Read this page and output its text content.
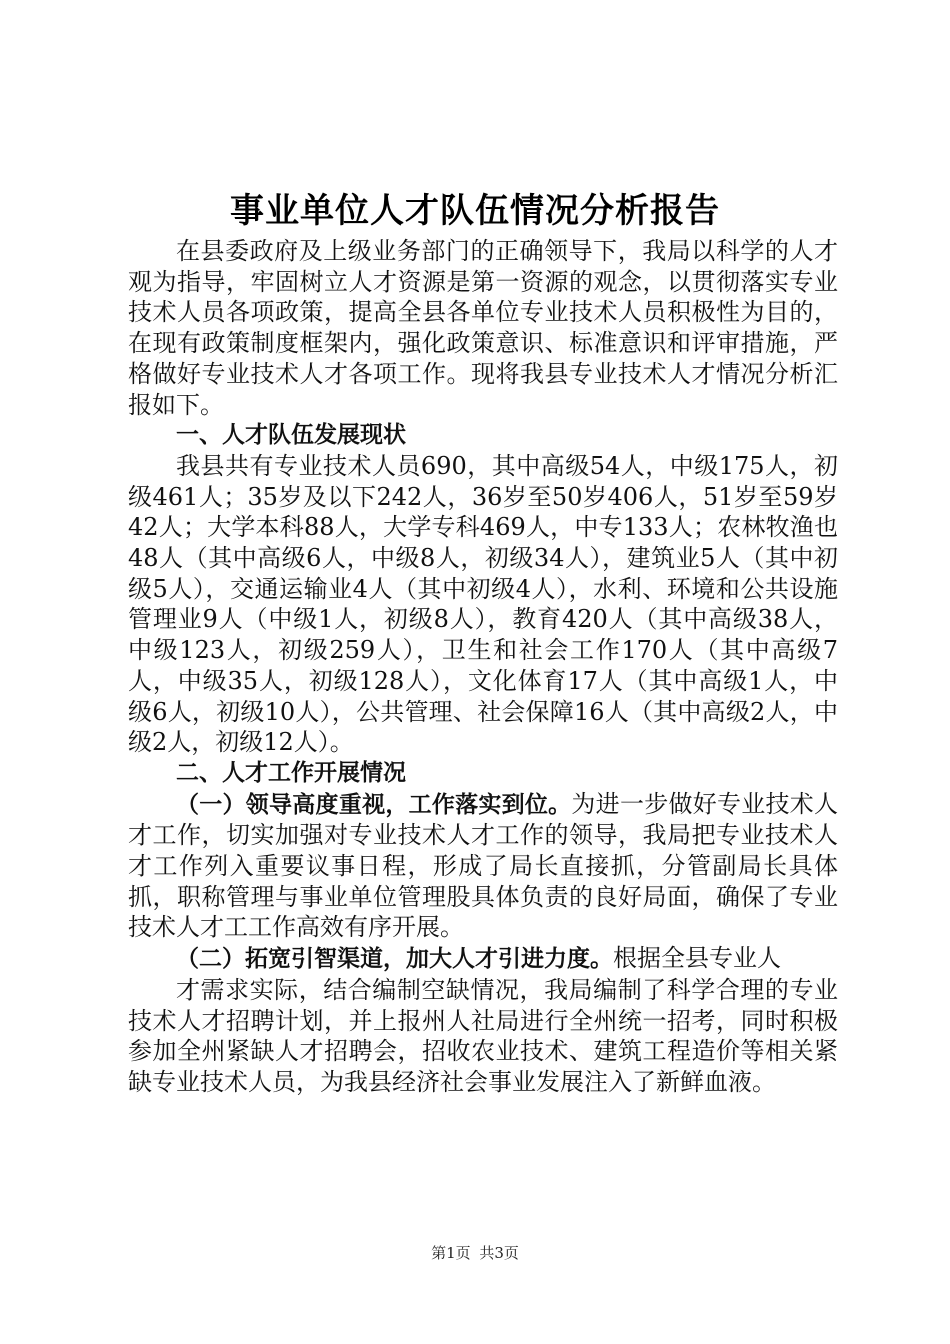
事业单位人才队伍情况分析报告

在县委政府及上级业务部门的正确领导下，我局以科学的人才观为指导，牢固树立人才资源是第一资源的观念，以贯彻落实专业技术人员各项政策，提高全县各单位专业技术人员积极性为目的，在现有政策制度框架内，强化政策意识、标准意识和评审措施，严格做好专业技术人才各项工作。现将我县专业技术人才情况分析汇报如下。

一、人才队伍发展现状

我县共有专业技术人员690，其中高级54人，中级175人，初级461人；35岁及以下242人，36岁至50岁406人，51岁至59岁42人；大学本科88人，大学专科469人，中专133人；农林牧渔也48人（其中高级6人，中级8人，初级34人），建筑业5人（其中初级5人），交通运输业4人（其中初级4人），水利、环境和公共设施管理业9人（中级1人，初级8人），教育420人（其中高级38人，中级123人，初级259人），卫生和社会工作170人（其中高级7人，中级35人，初级128人），文化体育17人（其中高级1人，中级6人，初级10人），公共管理、社会保障16人（其中高级2人，中级2人，初级12人）。

二、人才工作开展情况

（一）领导高度重视，工作落实到位。为进一步做好专业技术人才工作，切实加强对专业技术人才工作的领导，我局把专业技术人才工作列入重要议事日程，形成了局长直接抓，分管副局长具体抓，职称管理与事业单位管理股具体负责的良好局面，确保了专业技术人才工工作高效有序开展。

（二）拓宽引智渠道，加大人才引进力度。根据全县专业人

才需求实际，结合编制空缺情况，我局编制了科学合理的专业技术人才招聘计划，并上报州人社局进行全州统一招考，同时积极参加全州紧缺人才招聘会，招收农业技术、建筑工程造价等相关紧缺专业技术人员，为我县经济社会事业发展注入了新鲜血液。

第1页 共3页
